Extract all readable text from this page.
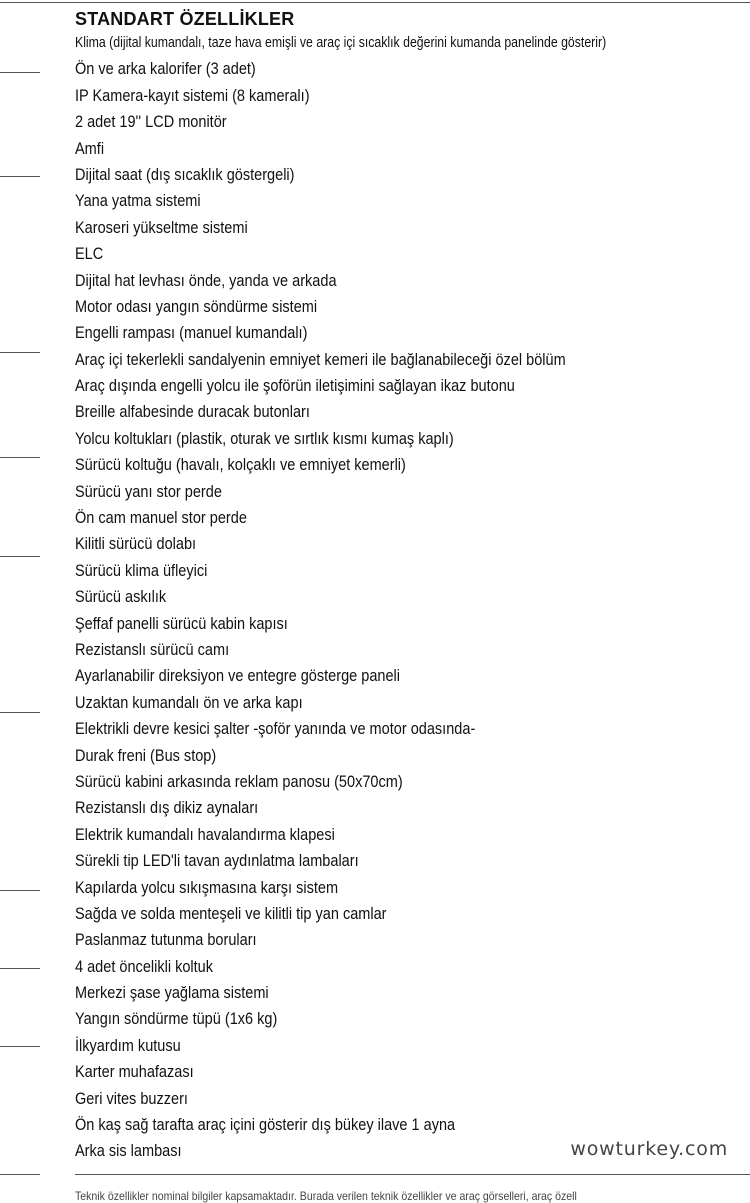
STANDART ÖZELLİKLER
Klima (dijital kumandalı, taze hava emişli ve araç içi sıcaklık değerini kumanda panelinde gösterir)
Ön ve arka kalorifer (3 adet)
IP Kamera-kayıt sistemi (8 kameralı)
2 adet 19'' LCD monitör
Amfi
Dijital saat (dış sıcaklık göstergeli)
Yana yatma sistemi
Karoseri yükseltme sistemi
ELC
Dijital hat levhası önde, yanda ve arkada
Motor odası yangın söndürme sistemi
Engelli rampası (manuel kumandalı)
Araç içi tekerlekli sandalyenin emniyet kemeri ile bağlanabileceği özel bölüm
Araç dışında engelli yolcu ile şoförün iletişimini sağlayan ikaz butonu
Breille alfabesinde duracak butonları
Yolcu koltukları (plastik, oturak ve sırtlık kısmı kumaş kaplı)
Sürücü koltuğu (havalı, kolçaklı ve emniyet kemerli)
Sürücü yanı stor perde
Ön cam manuel stor perde
Kilitli sürücü dolabı
Sürücü klima üfleyici
Sürücü askılık
Şeffaf panelli sürücü kabin kapısı
Rezistanslı sürücü camı
Ayarlanabilir direksiyon ve entegre gösterge paneli
Uzaktan kumandalı ön ve arka kapı
Elektrikli devre kesici şalter -şoför yanında ve motor odasında-
Durak freni (Bus stop)
Sürücü kabini arkasında reklam panosu (50x70cm)
Rezistanslı dış dikiz aynaları
Elektrik kumandalı havalandırma klapesi
Sürekli tip LED'li tavan aydınlatma lambaları
Kapılarda yolcu sıkışmasına karşı sistem
Sağda ve solda menteşeli ve kilitli tip yan camlar
Paslanmaz tutunma boruları
4 adet öncelikli koltuk
Merkezi şase yağlama sistemi
Yangın söndürme tüpü (1x6 kg)
İlkyardım kutusu
Karter muhafazası
Geri vites buzzerı
Ön kaş sağ tarafta araç içini gösterir dış bükey ilave 1 ayna
Arka sis lambası	wowturkey.com
Teknik özellikler nominal bilgiler kapsamaktadır. Burada verilen teknik özellikler ve araç görselleri, araç özell
